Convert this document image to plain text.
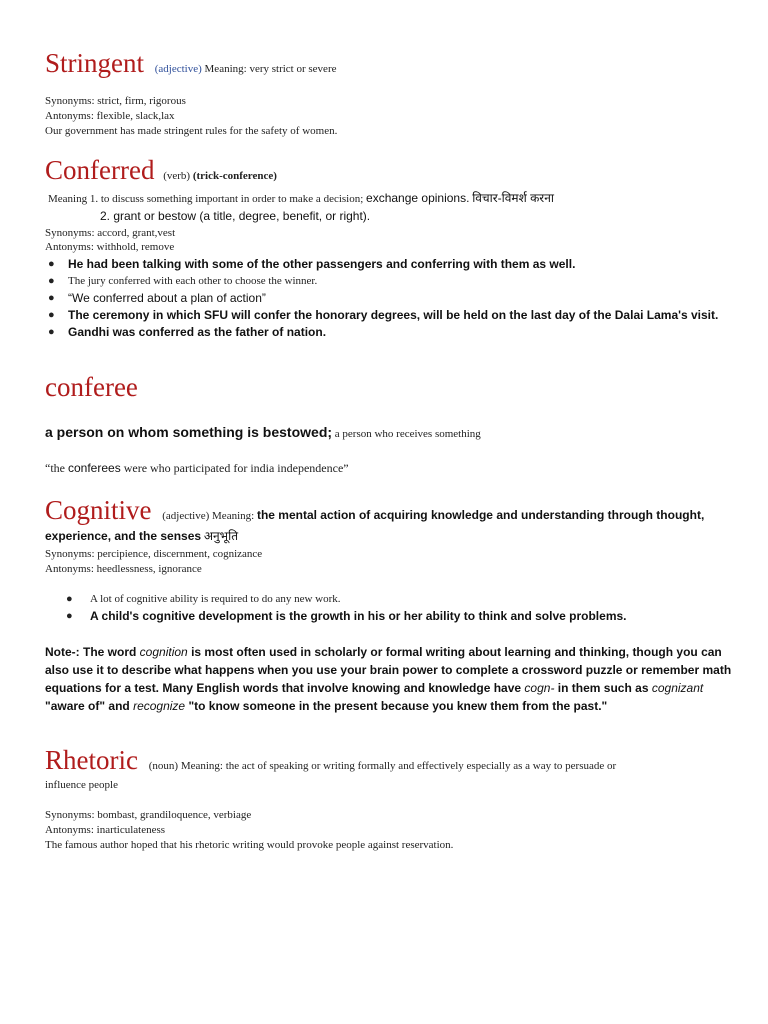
Stringent (adjective) Meaning: very strict or severe
Synonyms: strict, firm, rigorous
Antonyms: flexible, slack,lax
Our government has made stringent rules for the safety of women.
Conferred (verb) (trick-conference)
Meaning 1. to discuss something important in order to make a decision; exchange opinions. विचार-विमर्श करना
2. grant or bestow (a title, degree, benefit, or right).
Synonyms: accord, grant,vest
Antonyms: withhold, remove
● He had been talking with some of the other passengers and conferring with them as well.
● The jury conferred with each other to choose the winner.
● “We conferred about a plan of action”
● The ceremony in which SFU will confer the honorary degrees, will be held on the last day of the Dalai Lama's visit.
● Gandhi was conferred as the father of nation.
conferee
a person on whom something is bestowed; a person who receives something
“the conferees were who participated for india independence”
Cognitive (adjective) Meaning: the mental action of acquiring knowledge and understanding through thought,
experience, and the senses अनुभूति
Synonyms: percipience, discernment, cognizance
Antonyms: heedlessness, ignorance
● A lot of cognitive ability is required to do any new work.
● A child's cognitive development is the growth in his or her ability to think and solve problems.
Note-: The word cognition is most often used in scholarly or formal writing about learning and thinking, though you can also use it to describe what happens when you use your brain power to complete a crossword puzzle or remember math equations for a test. Many English words that involve knowing and knowledge have cogn- in them such as cognizant "aware of" and recognize "to know someone in the present because you knew them from the past."
Rhetoric (noun) Meaning: the act of speaking or writing formally and effectively especially as a way to persuade or
influence people
Synonyms: bombast, grandiloquence, verbiage
Antonyms: inarticulateness
The famous author hoped that his rhetoric writing would provoke people against reservation.
